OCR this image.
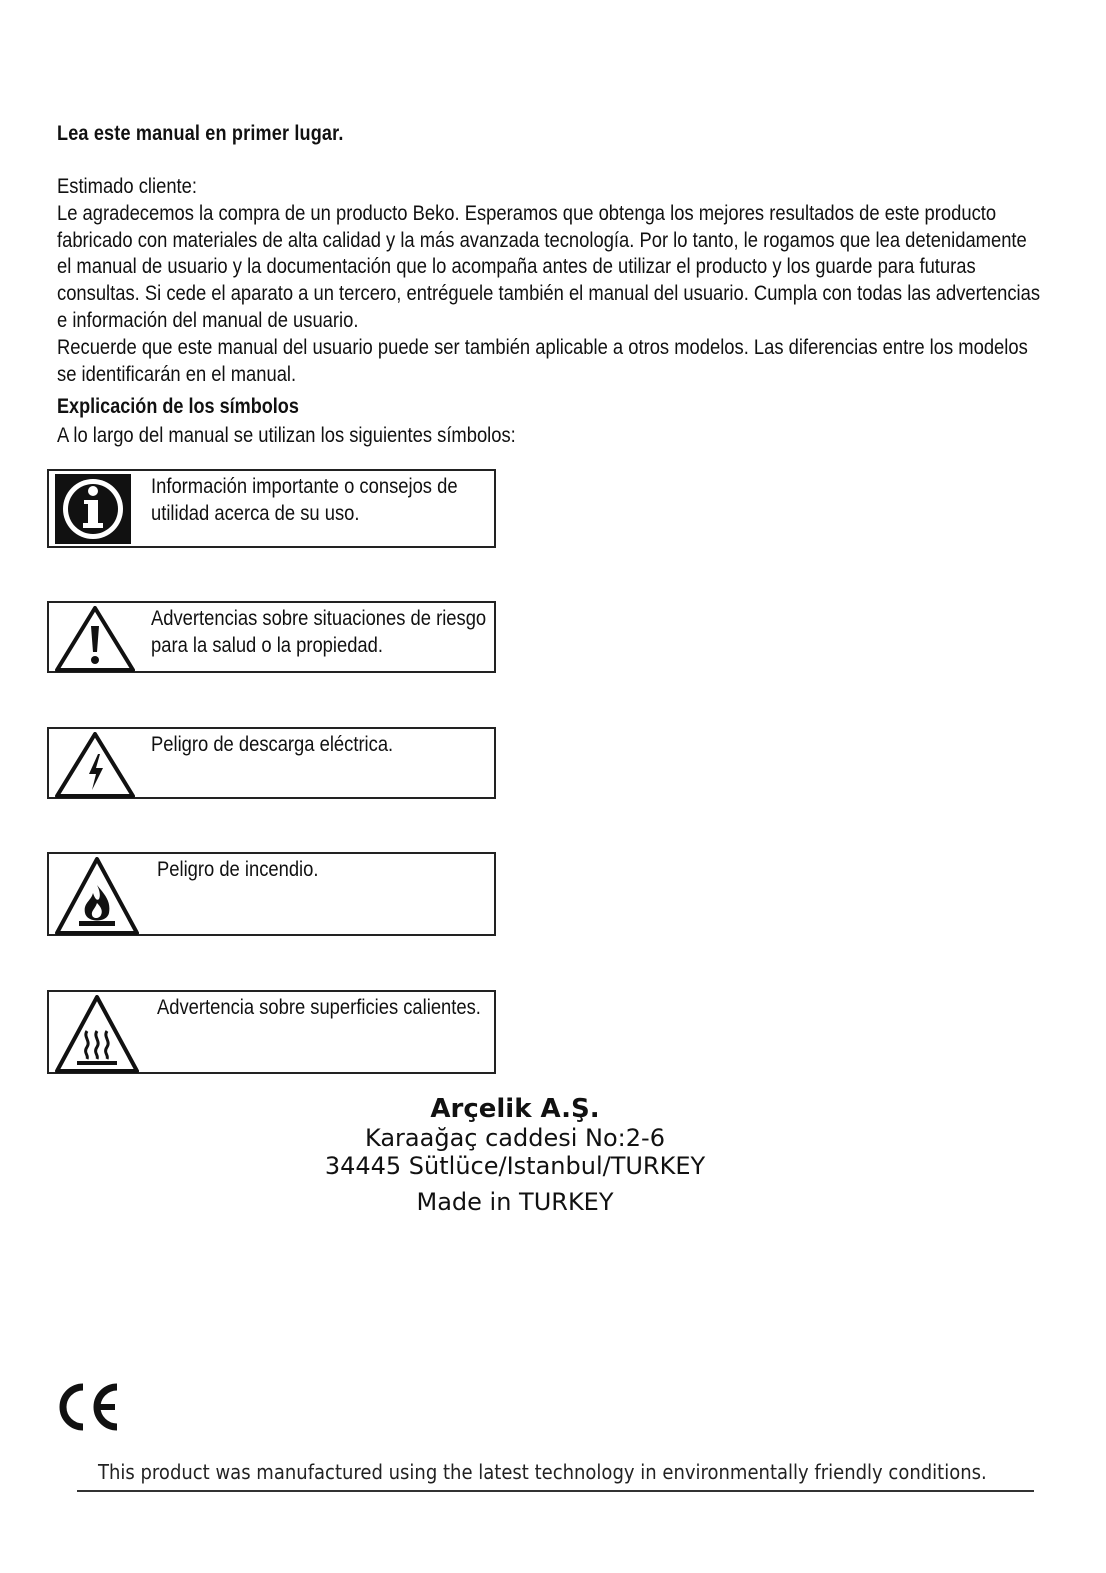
Lea este manual en primer lugar.

Estimado cliente:

Le agradecemos la compra de un producto Beko. Esperamos que obtenga los mejores resultados de este producto fabricado con materiales de alta calidad y la más avanzada tecnología. Por lo tanto, le rogamos que lea detenidamente el manual de usuario y la documentación que lo acompaña antes de utilizar el producto y los guarde para futuras consultas. Si cede el aparato a un tercero, entréguele también el manual del usuario. Cumpla con todas las advertencias e información del manual de usuario.

Recuerde que este manual del usuario puede ser también aplicable a otros modelos. Las diferencias entre los modelos se identificarán en el manual.

Explicación de los símbolos
A lo largo del manual se utilizan los siguientes símbolos:
Información importante o consejos de utilidad acerca de su uso.
Advertencias sobre situaciones de riesgo para la salud o la propiedad.
Peligro de descarga eléctrica.
Peligro de incendio.
Advertencia sobre superficies calientes.
Arçelik A.Ş.
Karaağaç caddesi No:2-6
34445 Sütlüce/Istanbul/TURKEY
Made in TURKEY
This product was manufactured using the latest technology in environmentally friendly conditions.
